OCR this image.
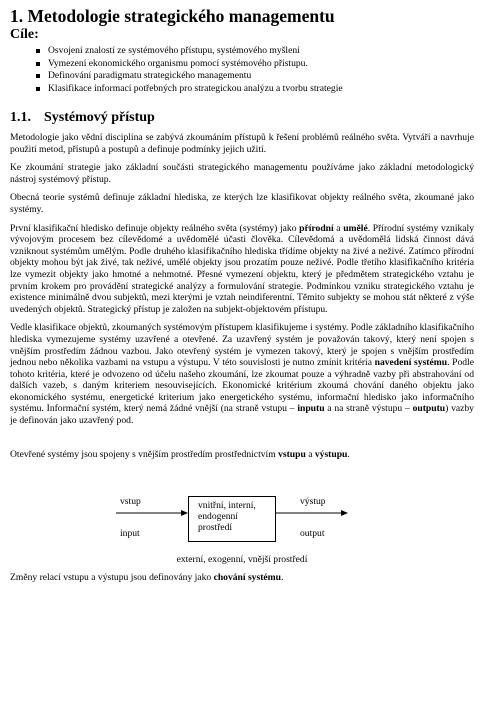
1. Metodologie strategického managementu
Cíle:
Osvojení znalostí ze systémového přístupu, systémového myšlení
Vymezení ekonomického organismu pomocí systémového přístupu.
Definování paradigmatu strategického managementu
Klasifikace informací potřebných pro strategickou analýzu a tvorbu strategie
1.1. Systémový přístup

Metodologie jako vědní disciplína se zabývá zkoumáním přístupů k řešení problémů reálného světa. Vytváří a navrhuje použití metod, přístupů a postupů a definuje podmínky jejich užití.

Ke zkoumání strategie jako základní součásti strategického managementu používáme jako základní metodologický nástroj systémový přístup.

Obecná teorie systémů definuje základní hlediska, ze kterých lze klasifikovat objekty reálného světa, zkoumané jako systémy.

První klasifikační hledisko definuje objekty reálného světa (systémy) jako přírodní a umělé. Přírodní systémy vznikaly vývojovým procesem bez cílevědomé a uvědomělé účasti člověka. Cílevědomá a uvědomělá lidská činnost dává vzniknout systémům umělým. Podle druhého klasifikačního hlediska třídíme objekty na živé a neživé. Zatímco přírodní objekty mohou být jak živé, tak neživé, umělé objekty jsou prozatím pouze neživé. Podle třetího klasifikačního kritéria lze vymezit objekty jako hmotné a nehmotné. Přesné vymezení objektu, který je předmětem strategického vztahu je prvním krokem pro provádění strategické analýzy a formulování strategie. Podmínkou vzniku strategického vztahu je existence minimálně dvou subjektů, mezi kterými je vztah neindiferentní. Těmito subjekty se mohou stát některé z výše uvedených objektů. Strategický přístup je založen na subjekt-objektovém přístupu.

Vedle klasifikace objektů, zkoumaných systémovým přístupem klasifikujeme i systémy. Podle základního klasifikačního hlediska vymezujeme systémy uzavřené a otevřené. Za uzavřený systém je považován takový, který není spojen s vnějším prostředím žádnou vazbou. Jako otevřený systém je vymezen takový, který je spojen s vnějším prostředím jednou nebo několika vazbami na vstupu a výstupu. V této souvislosti je nutno zmínit kritéria navedení systému. Podle tohoto kritéria, které je odvozeno od účelu našeho zkoumání, lze zkoumat pouze a výhradně vazby při abstrahování od dalších vazeb, s daným kriteriem nesouvisejících. Ekonomické kritérium zkoumá chování daného objektu jako ekonomického systému, energetické kriterium jako energetického systému, informační hledisko jako informačního systému. Informační systém, který nemá žádné vnější (na straně vstupu – inputu a na straně výstupu – outputu) vazby je definován jako uzavřený pod.

Otevřené systémy jsou spojeny s vnějším prostředím prostřednictvím vstupu a výstupu.

vstup
input
vnitřní, interní,
endogenní
prostředí
výstup
output
externí, exogenní, vnější prostředí

Změny relací vstupu a výstupu jsou definovány jako chování systému.
